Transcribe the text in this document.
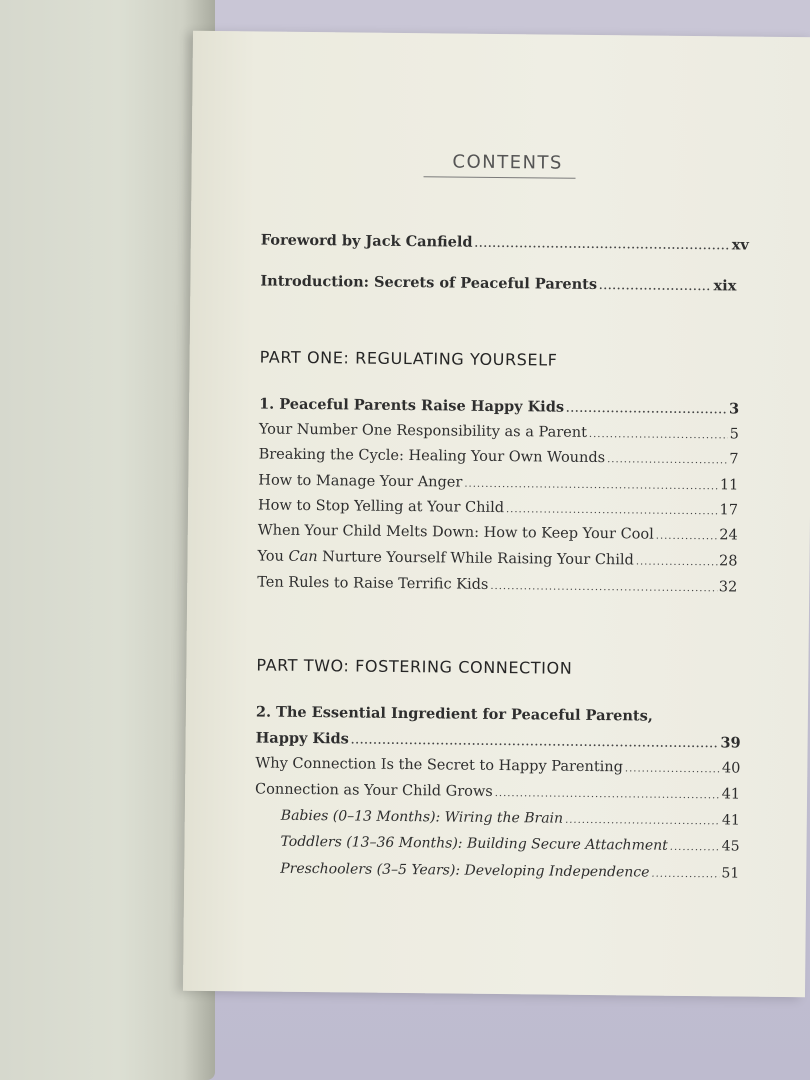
CONTENTS
Foreword by Jack Canfield .....	xv
Introduction: Secrets of Peaceful Parents .....	xix
PART ONE: REGULATING YOURSELF
1. Peaceful Parents Raise Happy Kids .....	3
Your Number One Responsibility as a Parent .....	5
Breaking the Cycle: Healing Your Own Wounds .....	7
How to Manage Your Anger .....	11
How to Stop Yelling at Your Child .....	17
When Your Child Melts Down: How to Keep Your Cool .....	24
You Can Nurture Yourself While Raising Your Child .....	28
Ten Rules to Raise Terrific Kids .....	32
PART TWO: FOSTERING CONNECTION
2. The Essential Ingredient for Peaceful Parents,
Happy Kids .....	39
Why Connection Is the Secret to Happy Parenting .....	40
Connection as Your Child Grows .....	41
Babies (0–13 Months): Wiring the Brain .....	41
Toddlers (13–36 Months): Building Secure Attachment .....	45
Preschoolers (3–5 Years): Developing Independence .....	51
